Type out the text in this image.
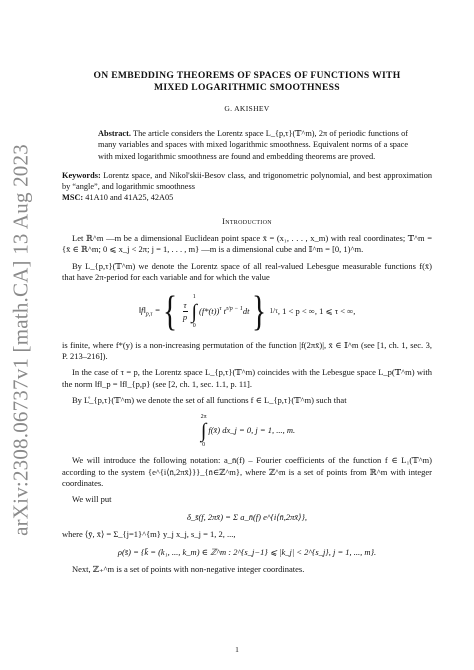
arXiv:2308.06737v1 [math.CA] 13 Aug 2023
ON EMBEDDING THEOREMS OF SPACES OF FUNCTIONS WITH
MIXED LOGARITHMIC SMOOTHNESS
G. AKISHEV
Abstract. The article considers the Lorentz space L_{p,τ}(𝕋^m), 2π of periodic functions of many variables and spaces with mixed logarithmic smoothness. Equivalent norms of a space with mixed logarithmic smoothness are found and embedding theorems are proved.
Keywords: Lorentz space, and Nikol'skii-Besov class, and trigonometric polynomial, and best approximation by “angle”, and logarithmic smoothness
MSC: 41A10 and 41A25, 42A05
Introduction

Let ℝ^m —m be a dimensional Euclidean point space x̄ = (x₁, . . . , x_m) with real coordinates; 𝕋^m = {x̄ ∈ ℝ^m; 0 ⩽ x_j < 2π; j = 1, . . . , m} —m is a dimensional cube and 𝕀^m = [0, 1)^m.

By L_{p,τ}(𝕋^m) we denote the Lorentz space of all real-valued Lebesgue measurable functions f(x̄) that have 2π-period for each variable and for which the value

$‖f‖_{p,\tau}$ = { $\frac{\tau}{p}$
1
∫
0
$(f*(t))^\tau$ $t^{\tau/p - 1}dt$ } 1/τ , 1 < p < ∞, 1 ⩽ τ < ∞,

is finite, where f*(y) is a non-increasing permutation of the function |f(2πx̄)|, x̄ ∈ 𝕀^m (see [1, ch. 1, sec. 3, P. 213–216]).

In the case of τ = p, the Lorentz space L_{p,τ}(𝕋^m) coincides with the Lebesgue space L_p(𝕋^m) with the norm ‖f‖_p = ‖f‖_{p,p} (see [2, ch. 1, sec. 1.1, p. 11].

By L̊_{p,τ}(𝕋^m) we denote the set of all functions f ∈ L_{p,τ}(𝕋^m) such that

2π
∫
0
f(x̄) dx_j = 0, j = 1, ..., m.

We will introduce the following notation: a_n̄(f) – Fourier coefficients of the function f ∈ L₁(𝕋^m) according to the system {e^{i⟨n̄,2πx̄⟩}}_{n̄∈ℤ^m}, where ℤ^m is a set of points from ℝ^m with integer coordinates.

We will put

δ_s̄(f, 2πx̄) = Σ a_n̄(f) e^{i⟨n̄,2πx̄⟩},

where ⟨ȳ, x̄⟩ = Σ_{j=1}^{m} y_j x_j, s_j = 1, 2, ...,

ρ(s̄) = {k̄ = (k₁, ..., k_m) ∈ ℤ^m : 2^{s_j−1} ⩽ |k_j| < 2^{s_j}, j = 1, ..., m}.

Next, ℤ₊^m is a set of points with non-negative integer coordinates.

1
